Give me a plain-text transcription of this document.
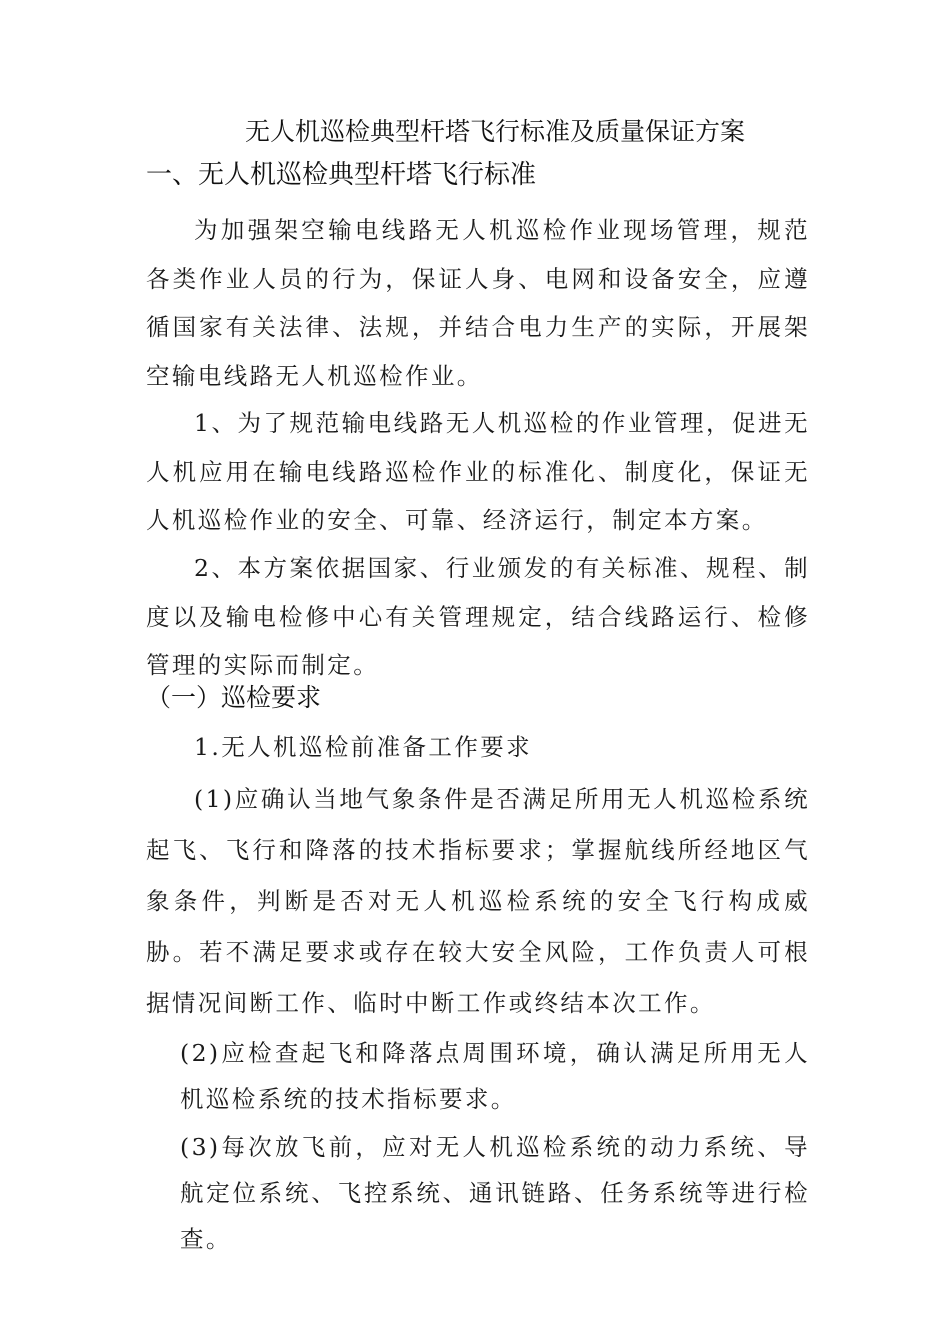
无人机巡检典型杆塔飞行标准及质量保证方案
一、无人机巡检典型杆塔飞行标准
为加强架空输电线路无人机巡检作业现场管理，规范各类作业人员的行为，保证人身、电网和设备安全，应遵循国家有关法律、法规，并结合电力生产的实际，开展架空输电线路无人机巡检作业。
1、为了规范输电线路无人机巡检的作业管理，促进无人机应用在输电线路巡检作业的标准化、制度化，保证无人机巡检作业的安全、可靠、经济运行，制定本方案。
2、本方案依据国家、行业颁发的有关标准、规程、制度以及输电检修中心有关管理规定，结合线路运行、检修管理的实际而制定。
（一）巡检要求
1.无人机巡检前准备工作要求
(1)应确认当地气象条件是否满足所用无人机巡检系统起飞、飞行和降落的技术指标要求；掌握航线所经地区气象条件，判断是否对无人机巡检系统的安全飞行构成威胁。若不满足要求或存在较大安全风险，工作负责人可根据情况间断工作、临时中断工作或终结本次工作。
(2)应检查起飞和降落点周围环境，确认满足所用无人机巡检系统的技术指标要求。
(3)每次放飞前，应对无人机巡检系统的动力系统、导航定位系统、飞控系统、通讯链路、任务系统等进行检查。
